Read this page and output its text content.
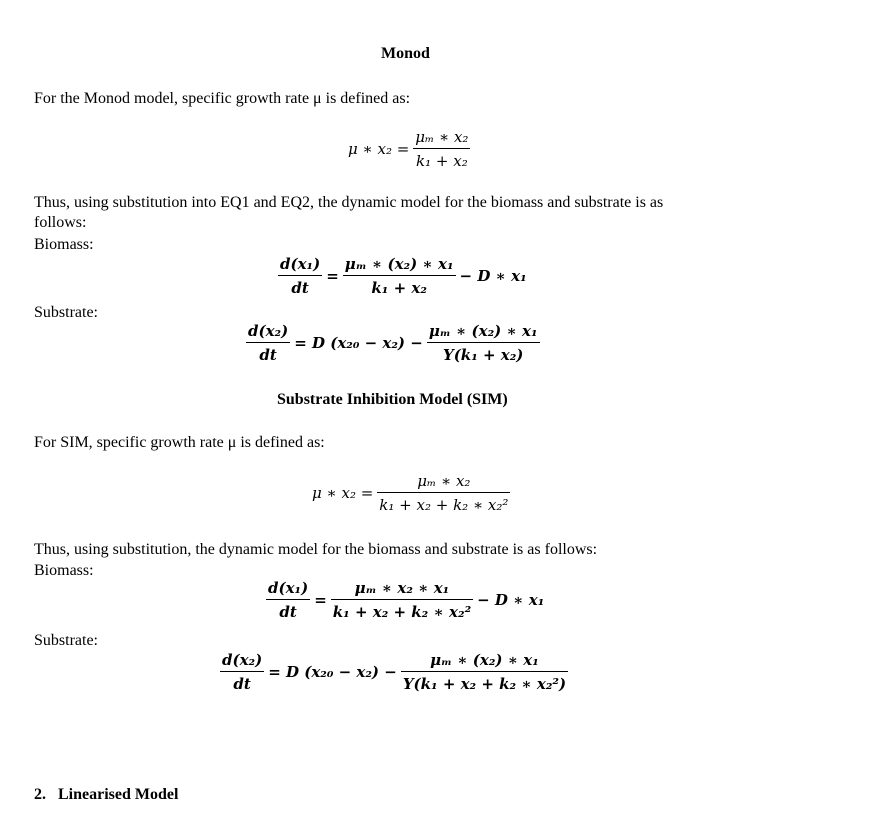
Monod
For the Monod model, specific growth rate μ is defined as:
μ ∗ $x_2 = \frac{\text{μₘ ∗ x₂}}{\text{k₁ + x₂}}$
Thus, using substitution into EQ1 and EQ2, the dynamic model for the biomass and substrate is as
follows:
Biomass:
$\frac{\text{d(x₁)}}{dt} = \frac{\text{μₘ ∗ (x₂) ∗ x₁}}{\text{k₁ + x₂}} - D$ ∗ x₁
Substrate:
$\frac{\text{d(x₂)}}{dt} = D$ $(x_{20} - x_2) - \frac{\text{μₘ ∗ (x₂) ∗ x₁}}{\text{Y(k₁ + x₂)}}$
Substrate Inhibition Model (SIM)
For SIM, specific growth rate μ is defined as:
μ ∗ $x_2 = \frac{\text{μₘ ∗ x₂}}{\text{k₁ + x₂ + k₂ ∗ x₂²}}$
Thus, using substitution, the dynamic model for the biomass and substrate is as follows:
Biomass:
$\frac{\text{d(x₁)}}{dt} = \frac{\text{μₘ ∗ x₂ ∗ x₁}}{\text{k₁ + x₂ + k₂ ∗ x₂²}} - D$ ∗ x₁
Substrate:
$\frac{\text{d(x₂)}}{dt} = D$ $(x_{20} - x_2) - \frac{\text{μₘ ∗ (x₂) ∗ x₁}}{\text{Y(k₁ + x₂ + k₂ ∗ x₂²)}}$
2.   Linearised Model
